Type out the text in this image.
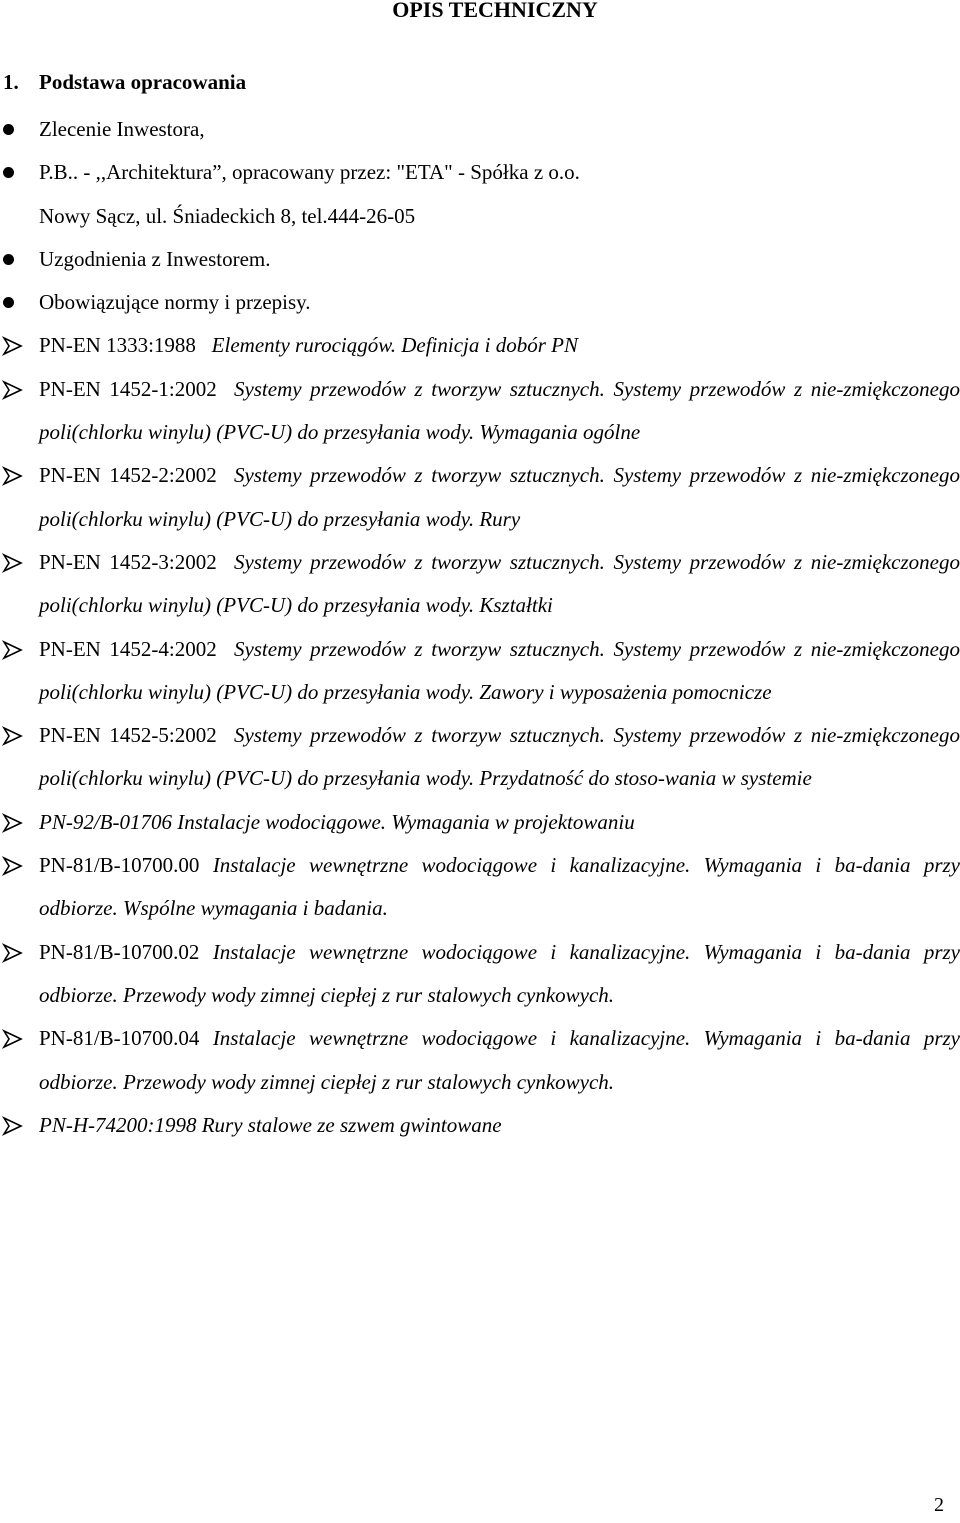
OPIS TECHNICZNY
1. Podstawa opracowania
Zlecenie Inwestora,
P.B.. - ,,Architektura”, opracowany przez: "ETA" - Spółka z o.o.
Nowy Sącz, ul. Śniadeckich 8, tel.444-26-05
Uzgodnienia z Inwestorem.
Obowiązujące normy i przepisy.
PN-EN 1333:1988 Elementy rurociągów. Definicja i dobór PN
PN-EN 1452-1:2002 Systemy przewodów z tworzyw sztucznych. Systemy przewodów z nie-zmiękczonego poli(chlorku winylu) (PVC-U) do przesyłania wody. Wymagania ogólne
PN-EN 1452-2:2002 Systemy przewodów z tworzyw sztucznych. Systemy przewodów z nie-zmiękczonego poli(chlorku winylu) (PVC-U) do przesyłania wody. Rury
PN-EN 1452-3:2002 Systemy przewodów z tworzyw sztucznych. Systemy przewodów z nie-zmiękczonego poli(chlorku winylu) (PVC-U) do przesyłania wody. Kształtki
PN-EN 1452-4:2002 Systemy przewodów z tworzyw sztucznych. Systemy przewodów z nie-zmiękczonego poli(chlorku winylu) (PVC-U) do przesyłania wody. Zawory i wyposażenia pomocnicze
PN-EN 1452-5:2002 Systemy przewodów z tworzyw sztucznych. Systemy przewodów z nie-zmiękczonego poli(chlorku winylu) (PVC-U) do przesyłania wody. Przydatność do stoso-wania w systemie
PN-92/B-01706 Instalacje wodociągowe. Wymagania w projektowaniu
PN-81/B-10700.00 Instalacje wewnętrzne wodociągowe i kanalizacyjne. Wymagania i ba-dania przy odbiorze. Wspólne wymagania i badania.
PN-81/B-10700.02 Instalacje wewnętrzne wodociągowe i kanalizacyjne. Wymagania i ba-dania przy odbiorze. Przewody wody zimnej ciepłej z rur stalowych cynkowych.
PN-81/B-10700.04 Instalacje wewnętrzne wodociągowe i kanalizacyjne. Wymagania i ba-dania przy odbiorze. Przewody wody zimnej ciepłej z rur stalowych cynkowych.
PN-H-74200:1998 Rury stalowe ze szwem gwintowane
2
